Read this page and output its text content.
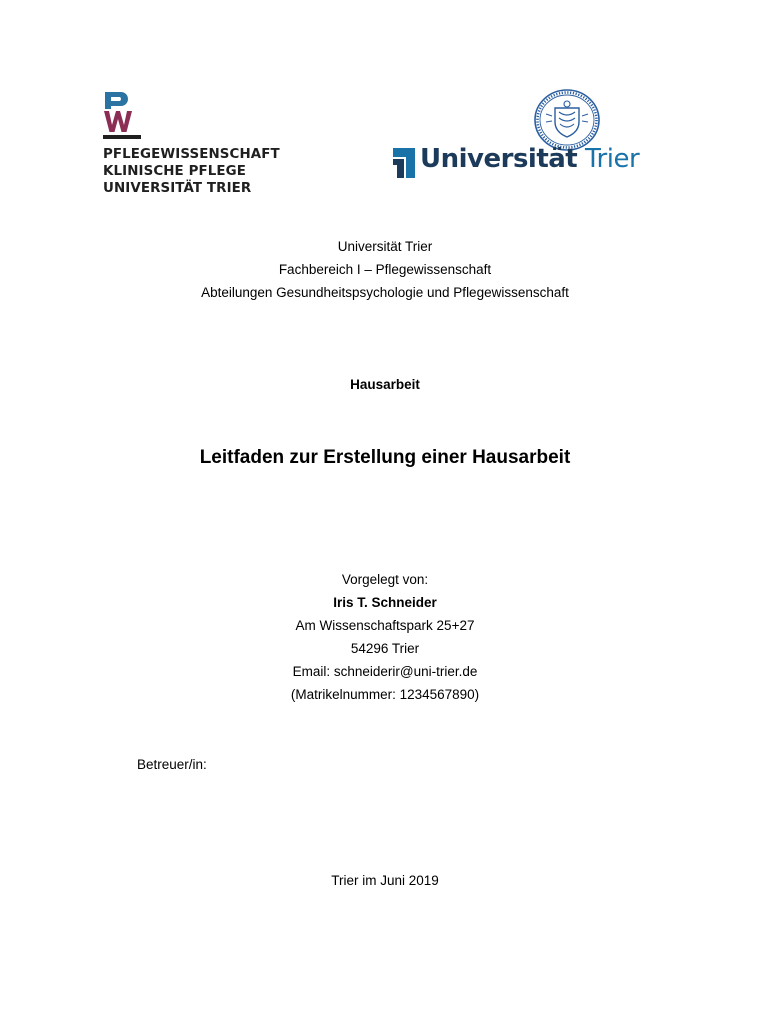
PFLEGEWISSENSCHAFT
KLINISCHE PFLEGE
UNIVERSITÄT TRIER
Universität Trier
Universität Trier
Fachbereich I – Pflegewissenschaft
Abteilungen Gesundheitspsychologie und Pflegewissenschaft
Hausarbeit
Leitfaden zur Erstellung einer Hausarbeit
Vorgelegt von:
Iris T. Schneider
Am Wissenschaftspark 25+27
54296 Trier
Email: schneiderir@uni-trier.de
(Matrikelnummer: 1234567890)
Betreuer/in:
Trier im Juni 2019
